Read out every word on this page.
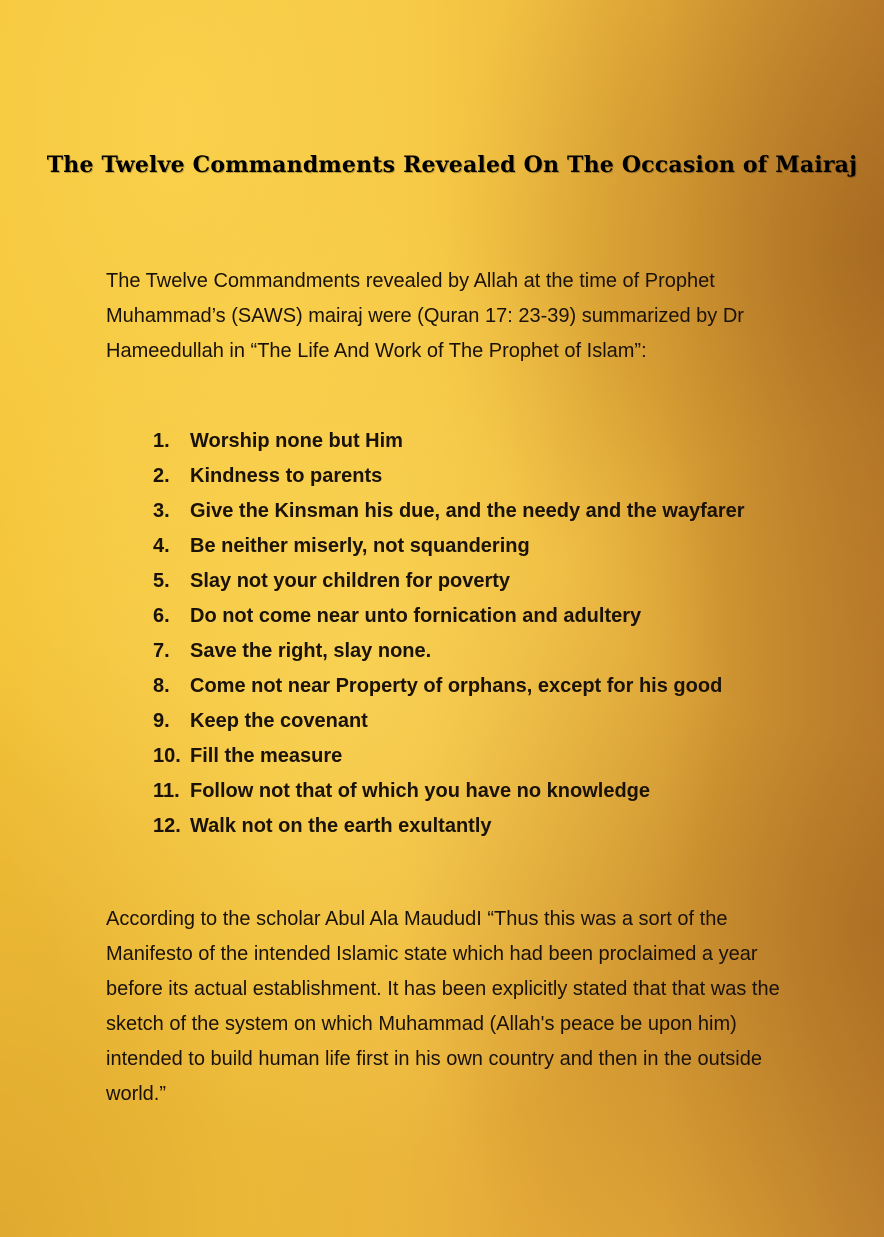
The Twelve Commandments Revealed On The Occasion of Mairaj
The Twelve Commandments revealed by Allah at the time of Prophet Muhammad’s (SAWS) mairaj were (Quran 17: 23-39) summarized by Dr Hameedullah in “The Life And Work of The Prophet of Islam”:
1. Worship none but Him
2. Kindness to parents
3. Give the Kinsman his due, and the needy and the wayfarer
4. Be neither miserly, not squandering
5. Slay not your children for poverty
6. Do not come near unto fornication and adultery
7. Save the right, slay none.
8. Come not near Property of orphans, except for his good
9. Keep the covenant
10. Fill the measure
11. Follow not that of which you have no knowledge
12. Walk not on the earth exultantly
According to the scholar Abul Ala MaududI “Thus this was a sort of the Manifesto of the intended Islamic state which had been proclaimed a year before its actual establishment. It has been explicitly stated that that was the sketch of the system on which Muhammad (Allah's peace be upon him) intended to build human life first in his own country and then in the outside world.”
